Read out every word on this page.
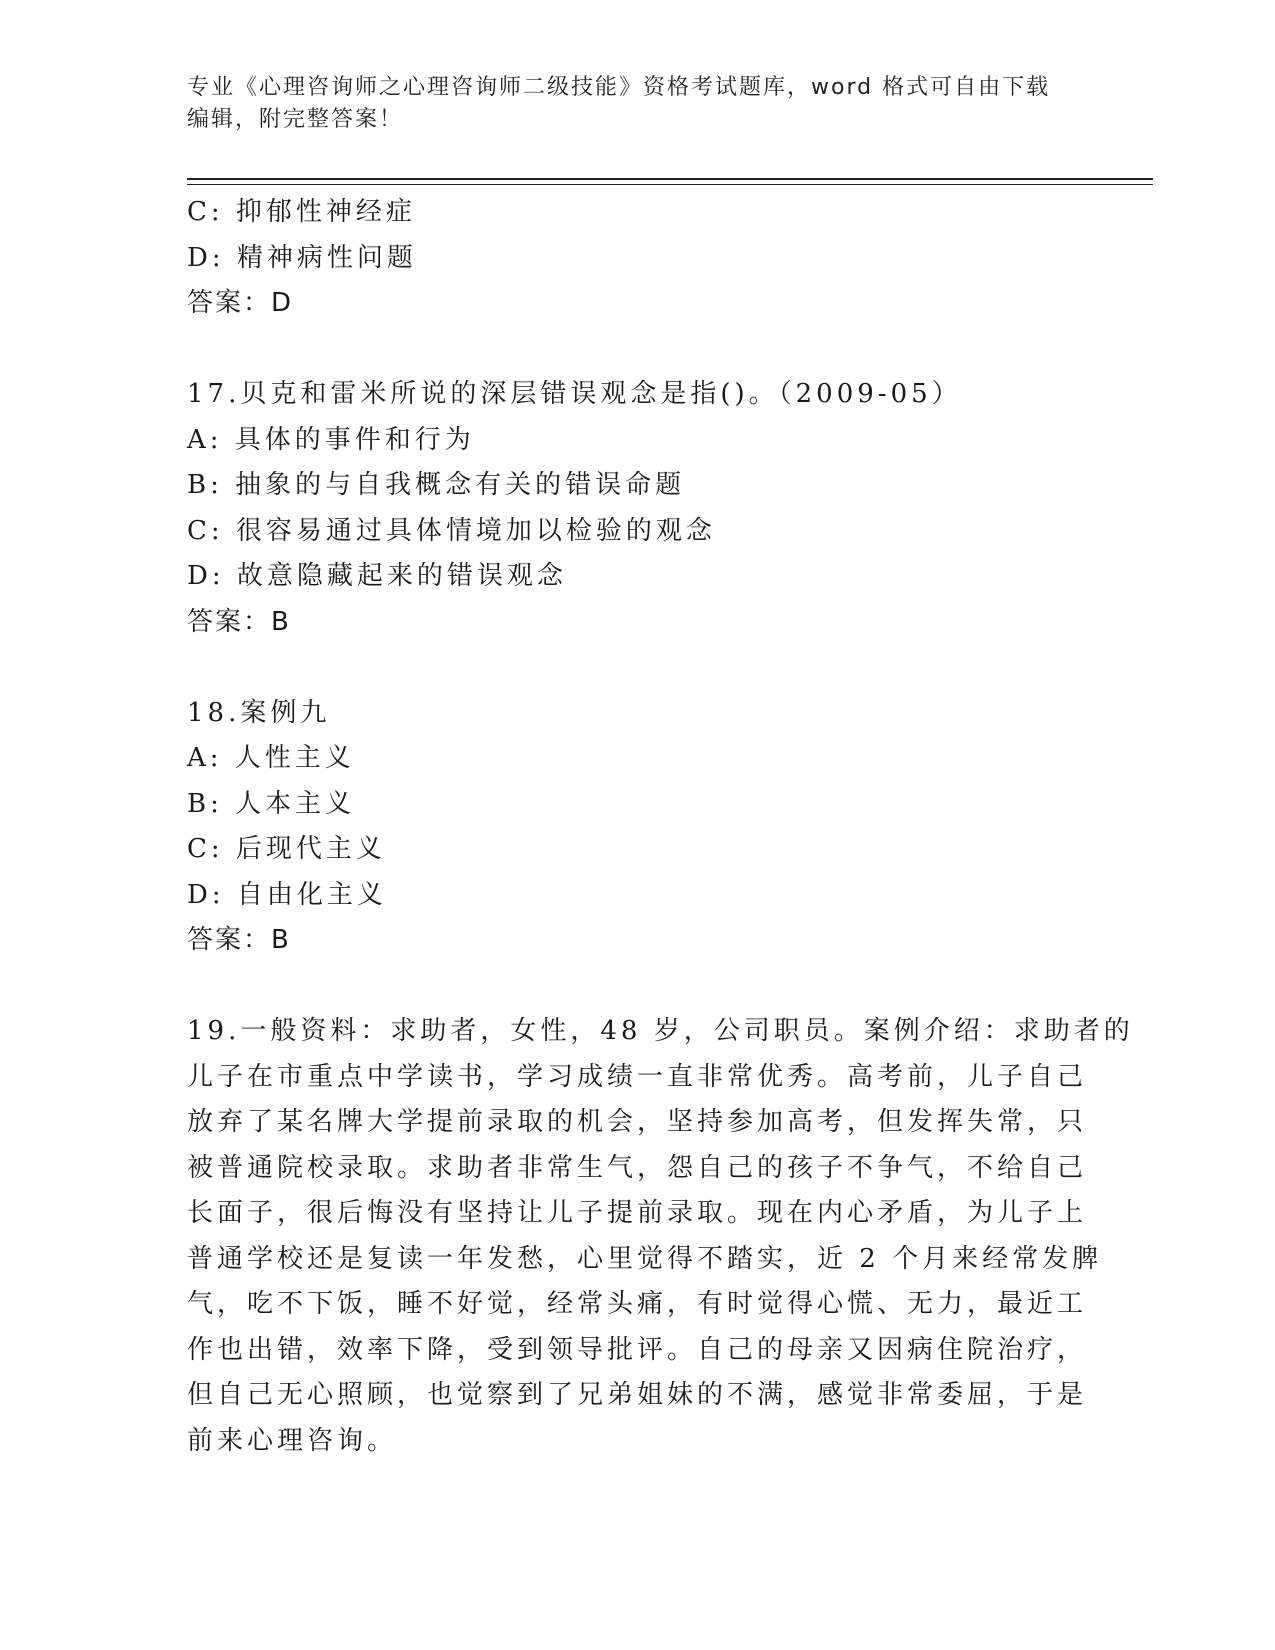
专业《心理咨询师之心理咨询师二级技能》资格考试题库，word 格式可自由下载
编辑，附完整答案！
C: 抑郁性神经症
D: 精神病性问题
答案：D
17.贝克和雷米所说的深层错误观念是指()。（2009-05）
A: 具体的事件和行为
B: 抽象的与自我概念有关的错误命题
C: 很容易通过具体情境加以检验的观念
D: 故意隐藏起来的错误观念
答案：B
18.案例九
A: 人性主义
B: 人本主义
C: 后现代主义
D: 自由化主义
答案：B
19.一般资料：求助者，女性，48 岁，公司职员。案例介绍：求助者的
儿子在市重点中学读书，学习成绩一直非常优秀。高考前，儿子自己
放弃了某名牌大学提前录取的机会，坚持参加高考，但发挥失常，只
被普通院校录取。求助者非常生气，怨自己的孩子不争气，不给自己
长面子，很后悔没有坚持让儿子提前录取。现在内心矛盾，为儿子上
普通学校还是复读一年发愁，心里觉得不踏实，近 2 个月来经常发脾
气，吃不下饭，睡不好觉，经常头痛，有时觉得心慌、无力，最近工
作也出错，效率下降，受到领导批评。自己的母亲又因病住院治疗，
但自己无心照顾，也觉察到了兄弟姐妹的不满，感觉非常委屈，于是
前来心理咨询。
